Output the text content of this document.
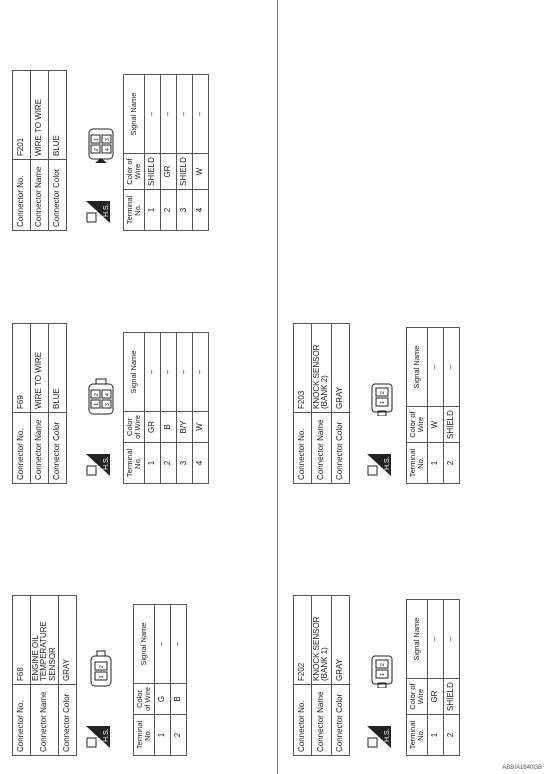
Connector No.	F68
Connector Name	ENGINE OIL TEMPERATURE SENSOR
Connector Color	GRAY
H.S.
1
2
Terminal No.	Color of Wire	Signal Name
1	G	–
2	B	–
Connector No.	F69
Connector Name	WIRE TO WIRE
Connector Color	BLUE
H.S.
1
2
3
4
Terminal No.	Color of Wire	Signal Name
1	GR	–
2	B	–
3	B/Y	–
4	W	–
Connector No.	F201
Connector Name	WIRE TO WIRE
Connector Color	BLUE
H.S.
2
1
4
3
Terminal No.	Color of Wire	Signal Name
1	SHIELD	–
2	GR	–
3	SHIELD	–
4	W	–
Connector No.	F202
Connector Name	KNOCK SENSOR (BANK 1)
Connector Color	GRAY
H.S.
1
2
Terminal No.	Color of Wire	Signal Name
1	GR	–
2	SHIELD	–
Connector No.	F203
Connector Name	KNOCK SENSOR (BANK 2)
Connector Color	GRAY
H.S.
1
2
Terminal No.	Color of Wire	Signal Name
1	W	–
2	SHIELD	–
ABBIA1840GB
